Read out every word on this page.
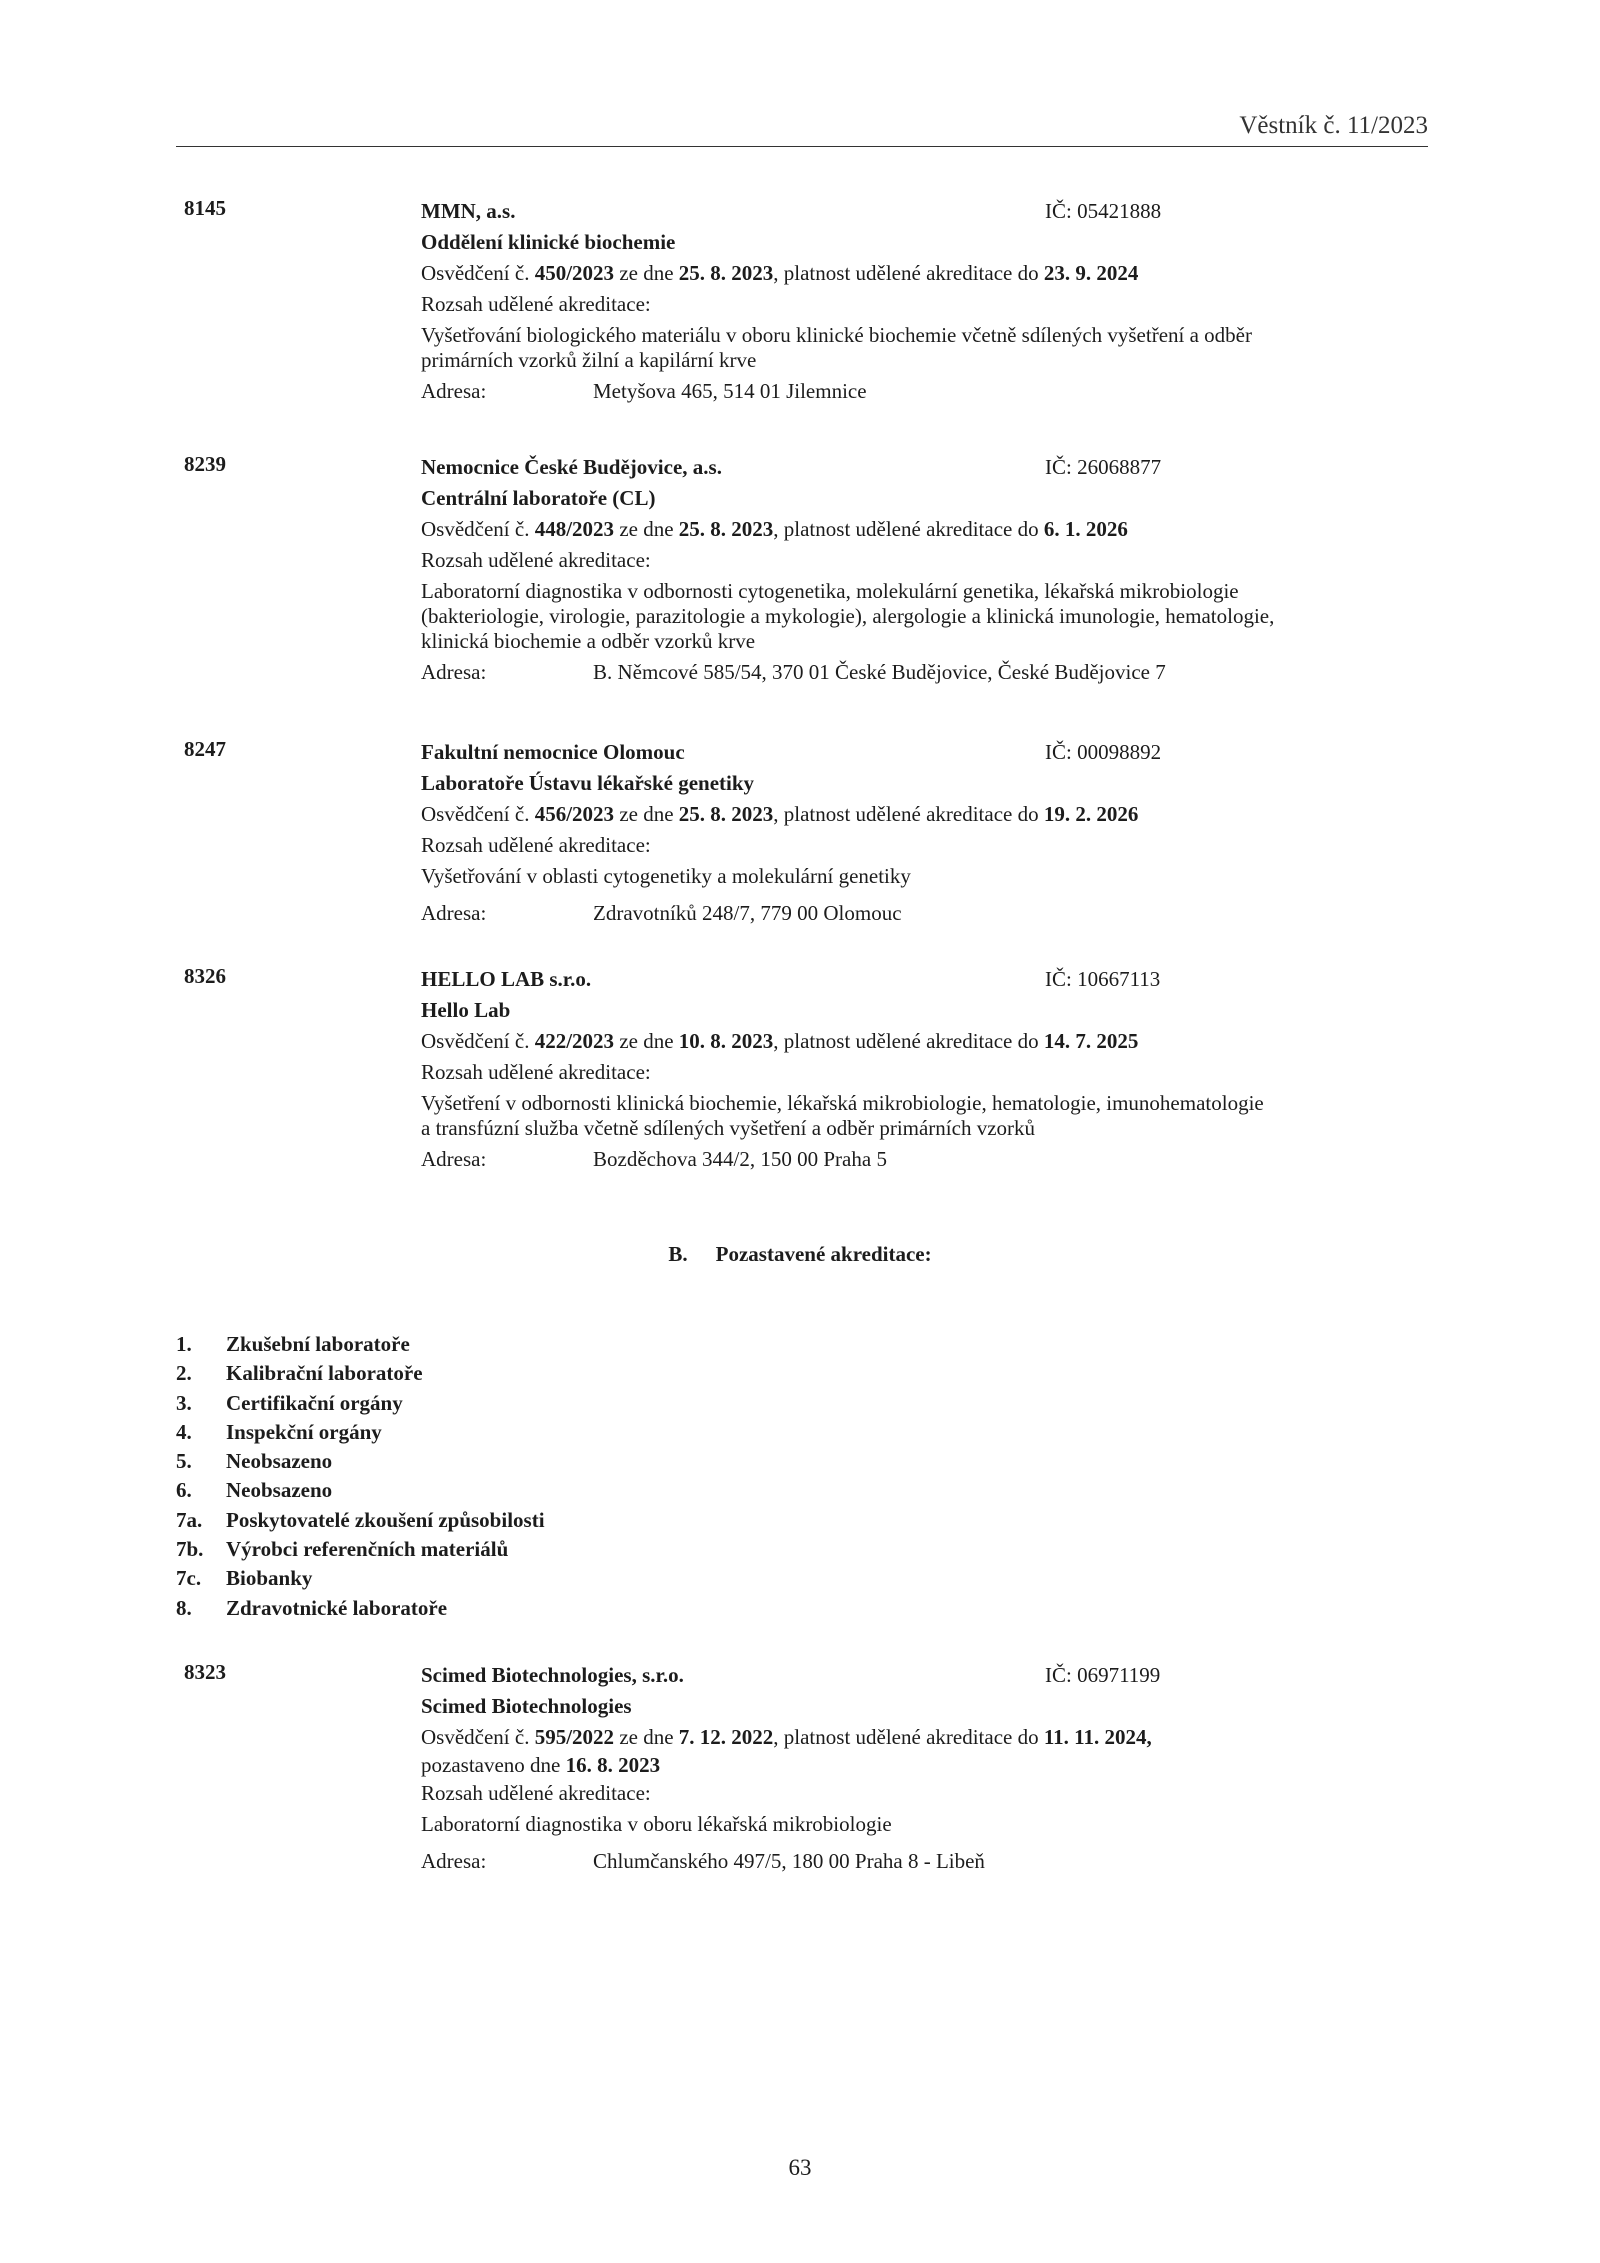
Věstník č. 11/2023
8145	MMN, a.s.	IČ: 05421888
Oddělení klinické biochemie
Osvědčení č. 450/2023 ze dne 25. 8. 2023, platnost udělené akreditace do 23. 9. 2024
Rozsah udělené akreditace:
Vyšetřování biologického materiálu v oboru klinické biochemie včetně sdílených vyšetření a odběr
primárních vzorků žilní a kapilární krve
Adresa:	Metyšova 465, 514 01 Jilemnice
8239	Nemocnice České Budějovice, a.s.	IČ: 26068877
Centrální laboratoře (CL)
Osvědčení č. 448/2023 ze dne 25. 8. 2023, platnost udělené akreditace do 6. 1. 2026
Rozsah udělené akreditace:
Laboratorní diagnostika v odbornosti cytogenetika, molekulární genetika, lékařská mikrobiologie
(bakteriologie, virologie, parazitologie a mykologie), alergologie a klinická imunologie, hematologie,
klinická biochemie a odběr vzorků krve
Adresa:	B. Němcové 585/54, 370 01 České Budějovice, České Budějovice 7
8247	Fakultní nemocnice Olomouc	IČ: 00098892
Laboratoře Ústavu lékařské genetiky
Osvědčení č. 456/2023 ze dne 25. 8. 2023, platnost udělené akreditace do 19. 2. 2026
Rozsah udělené akreditace:
Vyšetřování v oblasti cytogenetiky a molekulární genetiky
Adresa:	Zdravotníků 248/7, 779 00 Olomouc
8326	HELLO LAB s.r.o.	IČ: 10667113
Hello Lab
Osvědčení č. 422/2023 ze dne 10. 8. 2023, platnost udělené akreditace do 14. 7. 2025
Rozsah udělené akreditace:
Vyšetření v odbornosti klinická biochemie, lékařská mikrobiologie, hematologie, imunohematologie
a transfúzní služba včetně sdílených vyšetření a odběr primárních vzorků
Adresa:	Bozděchova 344/2, 150 00 Praha 5
B. Pozastavené akreditace:
1. Zkušební laboratoře
2. Kalibrační laboratoře
3. Certifikační orgány
4. Inspekční orgány
5. Neobsazeno
6. Neobsazeno
7a. Poskytovatelé zkoušení způsobilosti
7b. Výrobci referenčních materiálů
7c. Biobanky
8. Zdravotnické laboratoře
8323	Scimed Biotechnologies, s.r.o.	IČ: 06971199
Scimed Biotechnologies
Osvědčení č. 595/2022 ze dne 7. 12. 2022, platnost udělené akreditace do 11. 11. 2024,
pozastaveno dne 16. 8. 2023
Rozsah udělené akreditace:
Laboratorní diagnostika v oboru lékařská mikrobiologie
Adresa:	Chlumčanského 497/5, 180 00 Praha 8 - Libeň
63
